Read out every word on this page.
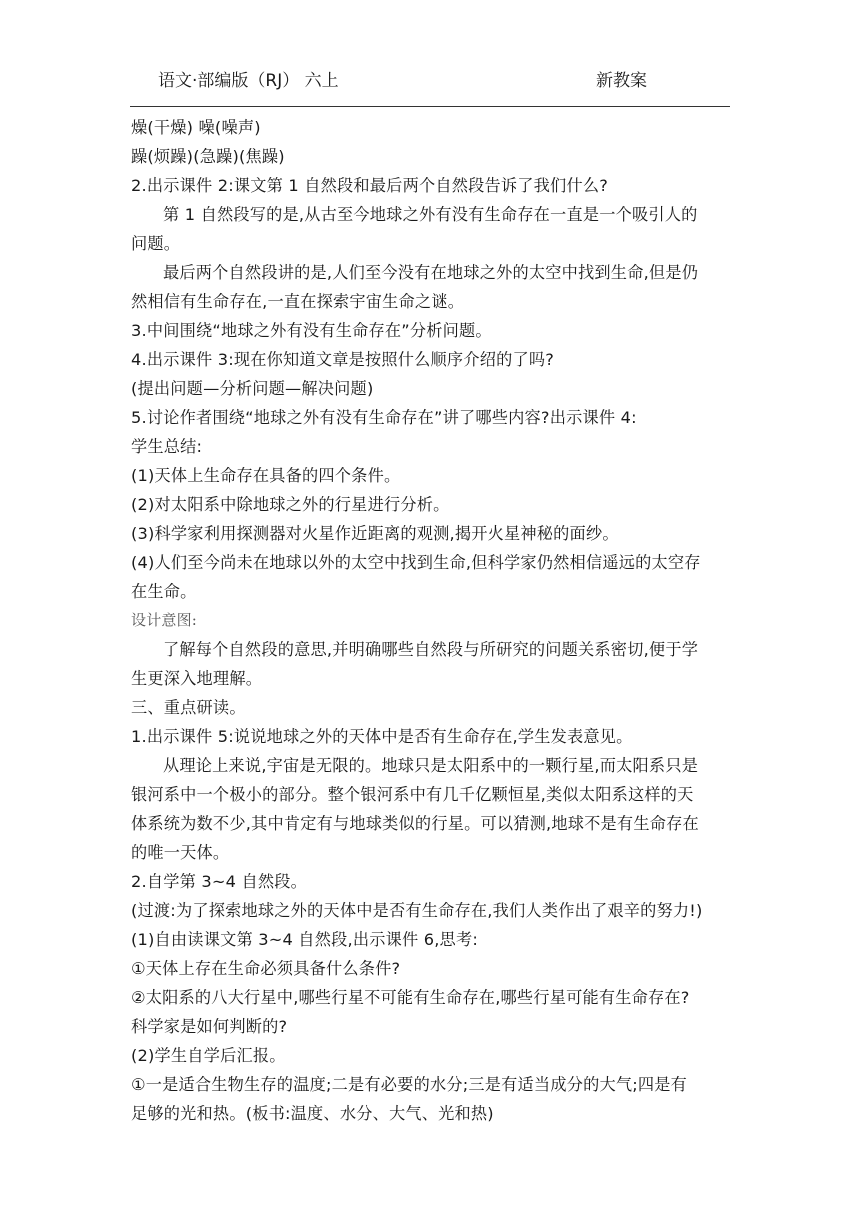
语文·部编版（RJ） 六上	新教案
燥(干燥) 噪(噪声)
躁(烦躁)(急躁)(焦躁)
2.出示课件 2:课文第 1 自然段和最后两个自然段告诉了我们什么?
第 1 自然段写的是,从古至今地球之外有没有生命存在一直是一个吸引人的
问题。
最后两个自然段讲的是,人们至今没有在地球之外的太空中找到生命,但是仍
然相信有生命存在,一直在探索宇宙生命之谜。
3.中间围绕“地球之外有没有生命存在”分析问题。
4.出示课件 3:现在你知道文章是按照什么顺序介绍的了吗?
(提出问题—分析问题—解决问题)
5.讨论作者围绕“地球之外有没有生命存在”讲了哪些内容?出示课件 4:
学生总结:
(1)天体上生命存在具备的四个条件。
(2)对太阳系中除地球之外的行星进行分析。
(3)科学家利用探测器对火星作近距离的观测,揭开火星神秘的面纱。
(4)人们至今尚未在地球以外的太空中找到生命,但科学家仍然相信遥远的太空存
在生命。
设计意图:
了解每个自然段的意思,并明确哪些自然段与所研究的问题关系密切,便于学
生更深入地理解。
三、重点研读。
1.出示课件 5:说说地球之外的天体中是否有生命存在,学生发表意见。
从理论上来说,宇宙是无限的。地球只是太阳系中的一颗行星,而太阳系只是
银河系中一个极小的部分。整个银河系中有几千亿颗恒星,类似太阳系这样的天
体系统为数不少,其中肯定有与地球类似的行星。可以猜测,地球不是有生命存在
的唯一天体。
2.自学第 3~4 自然段。
(过渡:为了探索地球之外的天体中是否有生命存在,我们人类作出了艰辛的努力!)
(1)自由读课文第 3~4 自然段,出示课件 6,思考:
①天体上存在生命必须具备什么条件?
②太阳系的八大行星中,哪些行星不可能有生命存在,哪些行星可能有生命存在?
科学家是如何判断的?
(2)学生自学后汇报。
①一是适合生物生存的温度;二是有必要的水分;三是有适当成分的大气;四是有
足够的光和热。(板书:温度、水分、大气、光和热)
